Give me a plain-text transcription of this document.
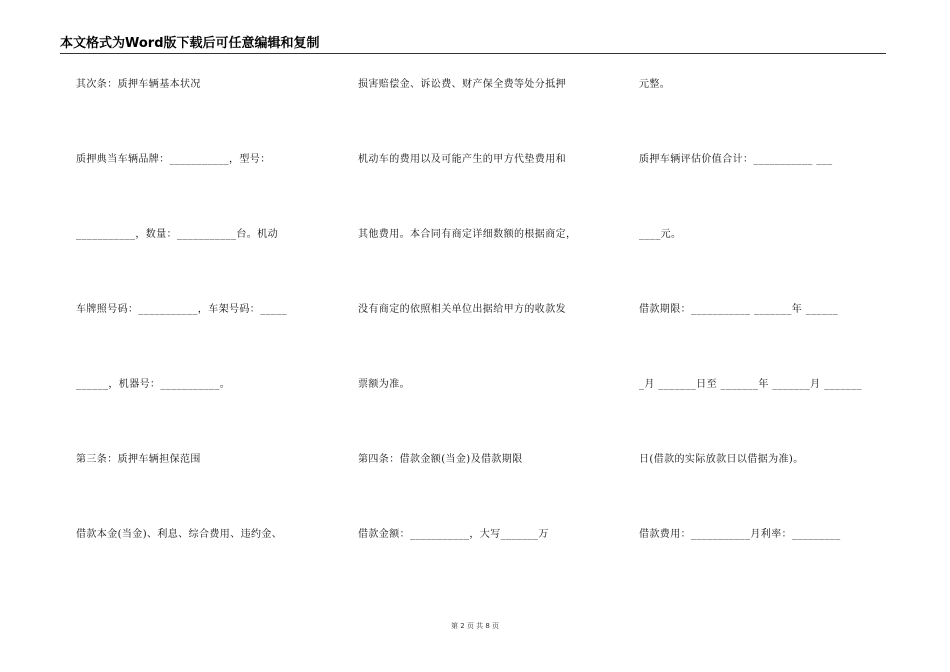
本文格式为Word版下载后可任意编辑和复制
其次条：质押车辆基本状况
质押典当车辆品牌：___________，型号：
___________，数量：___________台。机动
车牌照号码：___________，车架号码：_____
______，机器号：___________。
第三条：质押车辆担保范围
借款本金(当金)、利息、综合费用、违约金、
损害赔偿金、诉讼费、财产保全费等处分抵押
机动车的费用以及可能产生的甲方代垫费用和
其他费用。本合同有商定详细数额的根据商定，
没有商定的依照相关单位出据给甲方的收款发
票额为准。
第四条：借款金额(当金)及借款期限
借款金额：___________，大写_______万
元整。
质押车辆评估价值合计：___________ ___
____元。
借款期限：___________ _______年 ______
_月 _______日至 _______年 _______月 _______
日(借款的实际放款日以借据为准)。
借款费用：___________月利率：_________
第 2 页 共 8 页
